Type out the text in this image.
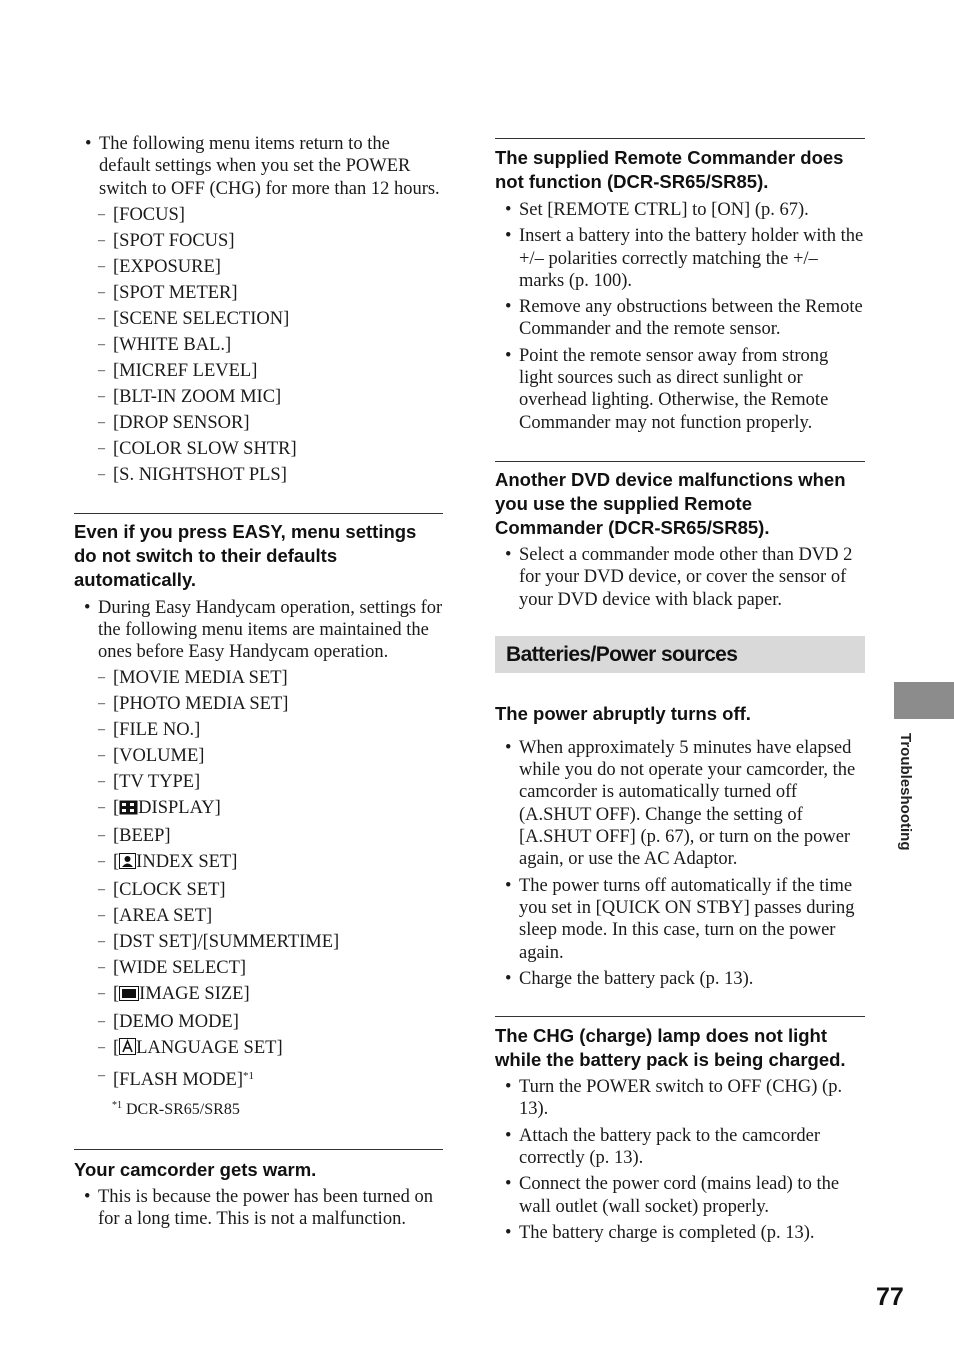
• The following menu items return to the default settings when you set the POWER switch to OFF (CHG) for more than 12 hours.
– [FOCUS]
– [SPOT FOCUS]
– [EXPOSURE]
– [SPOT METER]
– [SCENE SELECTION]
– [WHITE BAL.]
– [MICREF LEVEL]
– [BLT-IN ZOOM MIC]
– [DROP SENSOR]
– [COLOR SLOW SHTR]
– [S. NIGHTSHOT PLS]
Even if you press EASY, menu settings do not switch to their defaults automatically.
• During Easy Handycam operation, settings for the following menu items are maintained the ones before Easy Handycam operation.
– [MOVIE MEDIA SET]
– [PHOTO MEDIA SET]
– [FILE NO.]
– [VOLUME]
– [TV TYPE]
– [ DISPLAY]
– [BEEP]
– [ INDEX SET]
– [CLOCK SET]
– [AREA SET]
– [DST SET]/[SUMMERTIME]
– [WIDE SELECT]
– [ IMAGE SIZE]
– [DEMO MODE]
– [ LANGUAGE SET]
– [FLASH MODE]$^{*1}$
$^{*1}$ DCR-SR65/SR85
Your camcorder gets warm.
• This is because the power has been turned on for a long time. This is not a malfunction.
The supplied Remote Commander does not function (DCR-SR65/SR85).
• Set [REMOTE CTRL] to [ON] (p. 67).
• Insert a battery into the battery holder with the +/– polarities correctly matching the +/– marks (p. 100).
• Remove any obstructions between the Remote Commander and the remote sensor.
• Point the remote sensor away from strong light sources such as direct sunlight or overhead lighting. Otherwise, the Remote Commander may not function properly.
Another DVD device malfunctions when you use the supplied Remote Commander (DCR-SR65/SR85).
• Select a commander mode other than DVD 2 for your DVD device, or cover the sensor of your DVD device with black paper.
Batteries/Power sources
The power abruptly turns off.
• When approximately 5 minutes have elapsed while you do not operate your camcorder, the camcorder is automatically turned off (A.SHUT OFF). Change the setting of [A.SHUT OFF] (p. 67), or turn on the power again, or use the AC Adaptor.
• The power turns off automatically if the time you set in [QUICK ON STBY] passes during sleep mode. In this case, turn on the power again.
• Charge the battery pack (p. 13).
The CHG (charge) lamp does not light while the battery pack is being charged.
• Turn the POWER switch to OFF (CHG) (p. 13).
• Attach the battery pack to the camcorder correctly (p. 13).
• Connect the power cord (mains lead) to the wall outlet (wall socket) properly.
• The battery charge is completed (p. 13).
Troubleshooting
77
